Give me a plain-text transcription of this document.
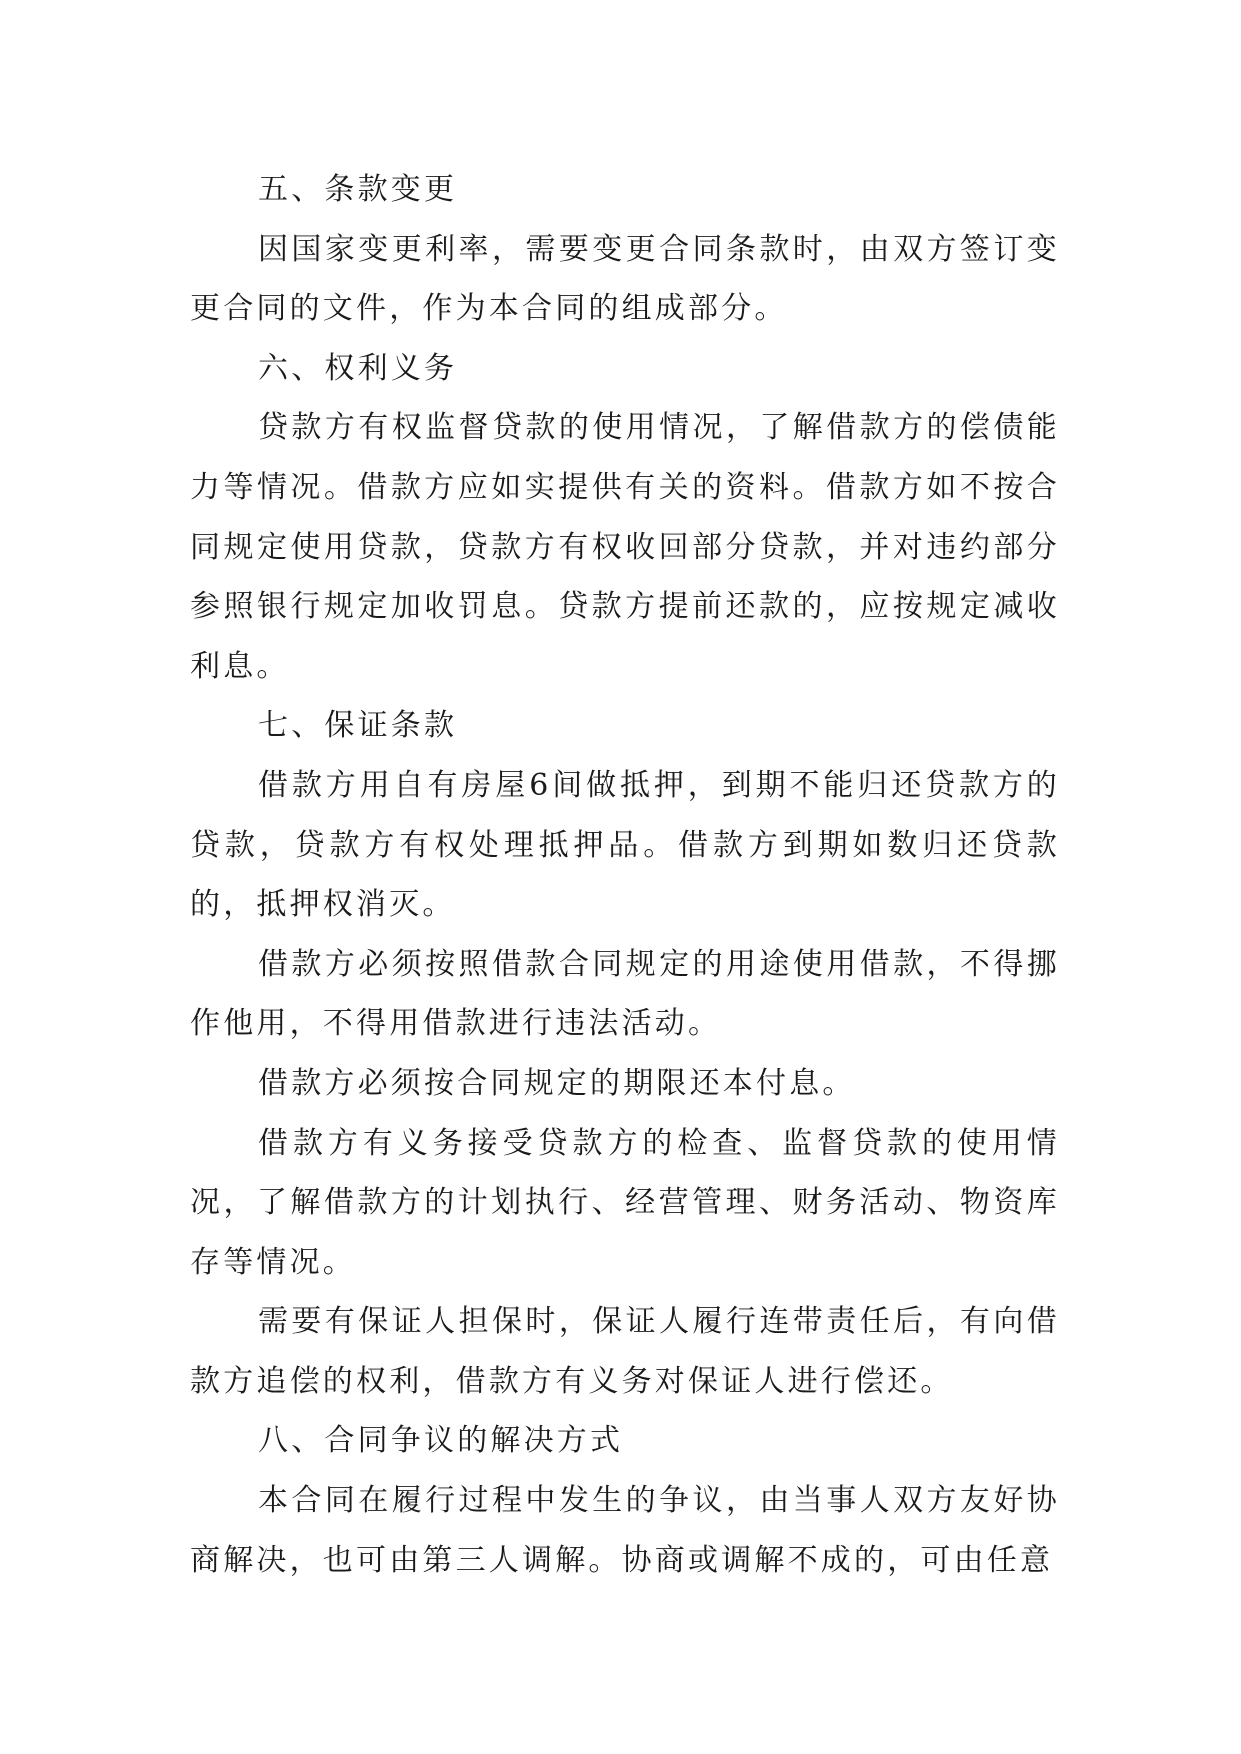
五、条款变更

因国家变更利率，需要变更合同条款时，由双方签订变更合同的文件，作为本合同的组成部分。

六、权利义务

贷款方有权监督贷款的使用情况，了解借款方的偿债能力等情况。借款方应如实提供有关的资料。借款方如不按合同规定使用贷款，贷款方有权收回部分贷款，并对违约部分参照银行规定加收罚息。贷款方提前还款的，应按规定减收利息。

七、保证条款

借款方用自有房屋6间做抵押，到期不能归还贷款方的贷款，贷款方有权处理抵押品。借款方到期如数归还贷款的，抵押权消灭。

借款方必须按照借款合同规定的用途使用借款，不得挪作他用，不得用借款进行违法活动。

借款方必须按合同规定的期限还本付息。

借款方有义务接受贷款方的检查、监督贷款的使用情况，了解借款方的计划执行、经营管理、财务活动、物资库存等情况。

需要有保证人担保时，保证人履行连带责任后，有向借款方追偿的权利，借款方有义务对保证人进行偿还。

八、合同争议的解决方式

本合同在履行过程中发生的争议，由当事人双方友好协商解决，也可由第三人调解。协商或调解不成的，可由任意
